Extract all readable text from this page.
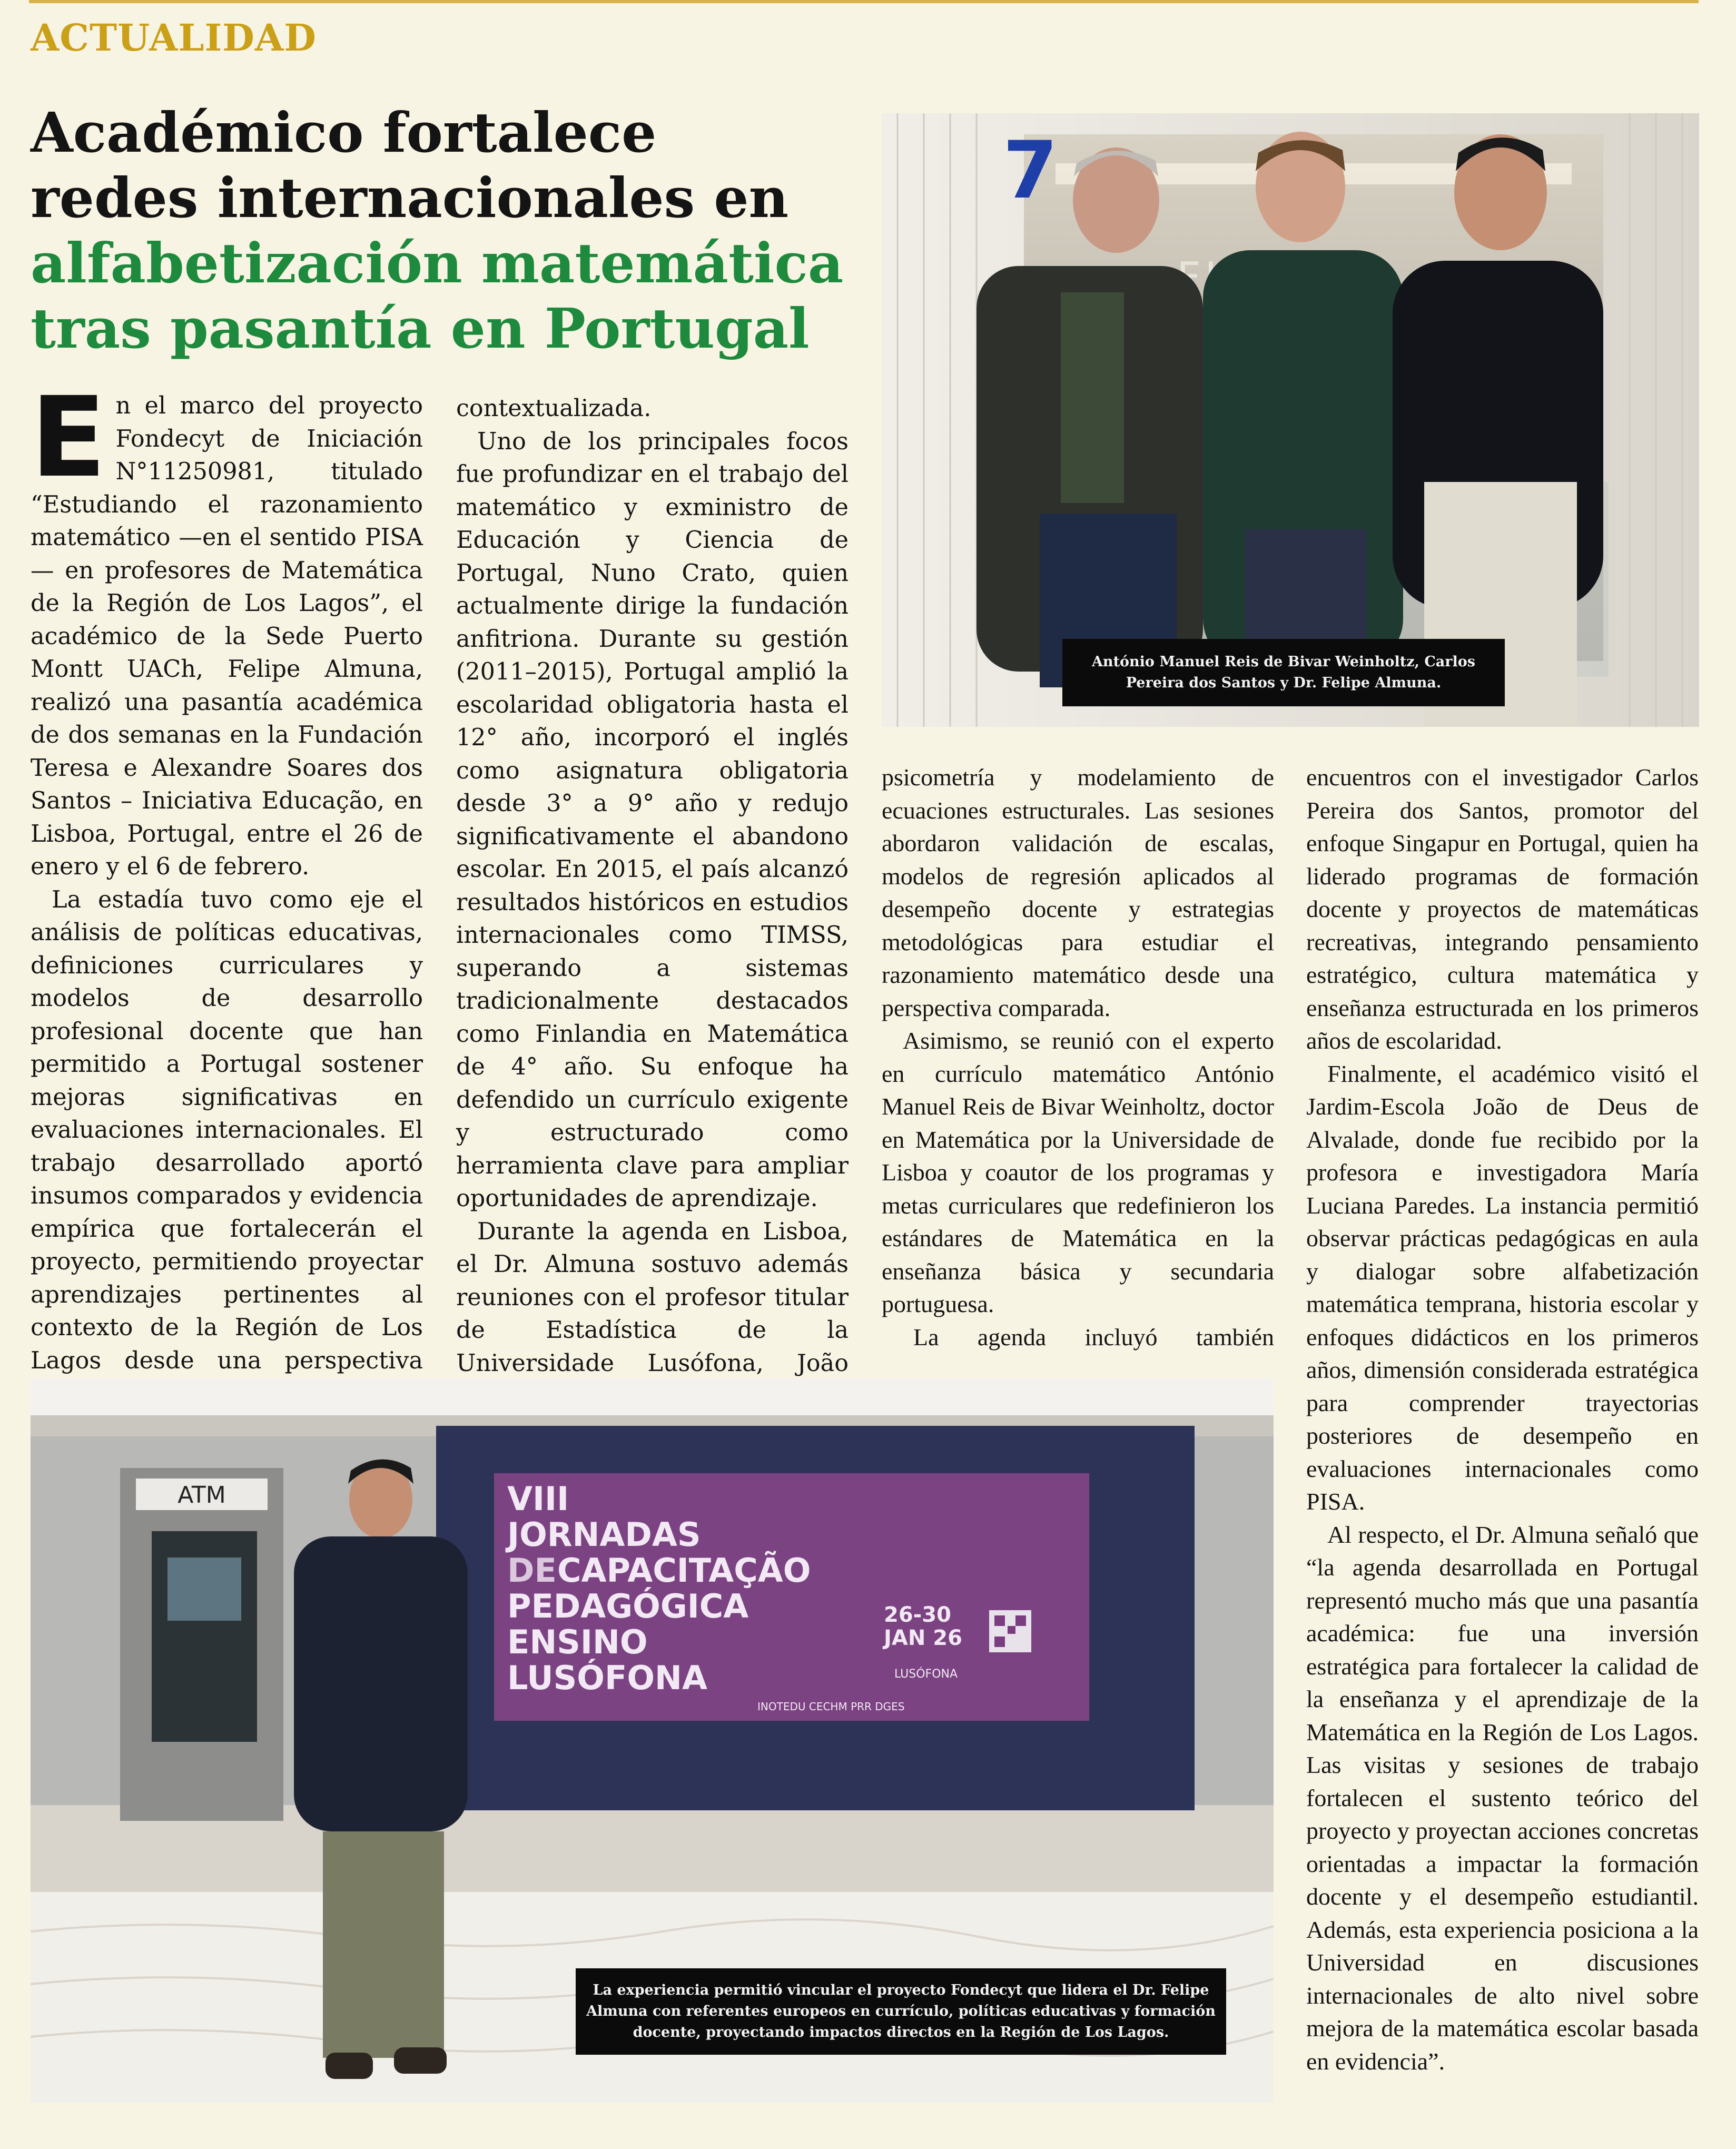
ACTUALIDAD
Académico fortalece
redes internacionales en
alfabetización matemática
tras pasantía en Portugal

En el marco del proyecto Fondecyt de Iniciación N°11250981, titulado “Estudiando el razonamiento matemático —en el sentido PISA— en profesores de Matemática de la Región de Los Lagos”, el académico de la Sede Puerto Montt UACh, Felipe Almuna, realizó una pasantía académica de dos semanas en la Fundación Teresa e Alexandre Soares dos Santos – Iniciativa Educação, en Lisboa, Portugal, entre el 26 de enero y el 6 de febrero.

La estadía tuvo como eje el análisis de políticas educativas, definiciones curriculares y modelos de desarrollo profesional docente que han permitido a Portugal sostener mejoras significativas en evaluaciones internacionales. El trabajo desarrollado aportó insumos comparados y evidencia empírica que fortalecerán el proyecto, permitiendo proyectar aprendizajes pertinentes al contexto de la Región de Los Lagos desde una perspectiva

contextualizada.

Uno de los principales focos fue profundizar en el trabajo del matemático y exministro de Educación y Ciencia de Portugal, Nuno Crato, quien actualmente dirige la fundación anfitriona. Durante su gestión (2011–2015), Portugal amplió la escolaridad obligatoria hasta el 12° año, incorporó el inglés como asignatura obligatoria desde 3° a 9° año y redujo significativamente el abandono escolar. En 2015, el país alcanzó resultados históricos en estudios internacionales como TIMSS, superando a sistemas tradicionalmente destacados como Finlandia en Matemática de 4° año. Su enfoque ha defendido un currículo exigente y estructurado como herramienta clave para ampliar oportunidades de aprendizaje.

Durante la agenda en Lisboa, el Dr. Almuna sostuvo además reuniones con el profesor titular de Estadística de la Universidade Lusófona, João

psicometría y modelamiento de ecuaciones estructurales. Las sesiones abordaron validación de escalas, modelos de regresión aplicados al desempeño docente y estrategias metodológicas para estudiar el razonamiento matemático desde una perspectiva comparada.

Asimismo, se reunió con el experto en currículo matemático António Manuel Reis de Bivar Weinholtz, doctor en Matemática por la Universidade de Lisboa y coautor de los programas y metas curriculares que redefinieron los estándares de Matemática en la enseñanza básica y secundaria portuguesa.

La agenda incluyó también

encuentros con el investigador Carlos Pereira dos Santos, promotor del enfoque Singapur en Portugal, quien ha liderado programas de formación docente y proyectos de matemáticas recreativas, integrando pensamiento estratégico, cultura matemática y enseñanza estructurada en los primeros años de escolaridad.

Finalmente, el académico visitó el Jardim-Escola João de Deus de Alvalade, donde fue recibido por la profesora e investigadora María Luciana Paredes. La instancia permitió observar prácticas pedagógicas en aula y dialogar sobre alfabetización matemática temprana, historia escolar y enfoques didácticos en los primeros años, dimensión considerada estratégica para comprender trayectorias posteriores de desempeño en evaluaciones internacionales como PISA.

Al respecto, el Dr. Almuna señaló que “la agenda desarrollada en Portugal representó mucho más que una pasantía académica: fue una inversión estratégica para fortalecer la calidad de la enseñanza y el aprendizaje de la Matemática en la Región de Los Lagos. Las visitas y sesiones de trabajo fortalecen el sustento teórico del proyecto y proyectan acciones concretas orientadas a impactar la formación docente y el desempeño estudiantil. Además, esta experiencia posiciona a la Universidad en discusiones internacionales de alto nivel sobre mejora de la matemática escolar basada en evidencia”.

7
António Manuel Reis de Bivar Weinholtz, Carlos Pereira dos Santos y Dr. Felipe Almuna.
ATM	VIII
JORNADAS
DE CAPACITAÇÃO
PEDAGÓGICA
ENSINO
LUSÓFONA
26-30
JAN 26
LUSÓFONA
INOTEDU CECHM PRR DGES
La experiencia permitió vincular el proyecto Fondecyt que lidera el Dr. Felipe Almuna con referentes europeos en currículo, políticas educativas y formación docente, proyectando impactos directos en la Región de Los Lagos.
